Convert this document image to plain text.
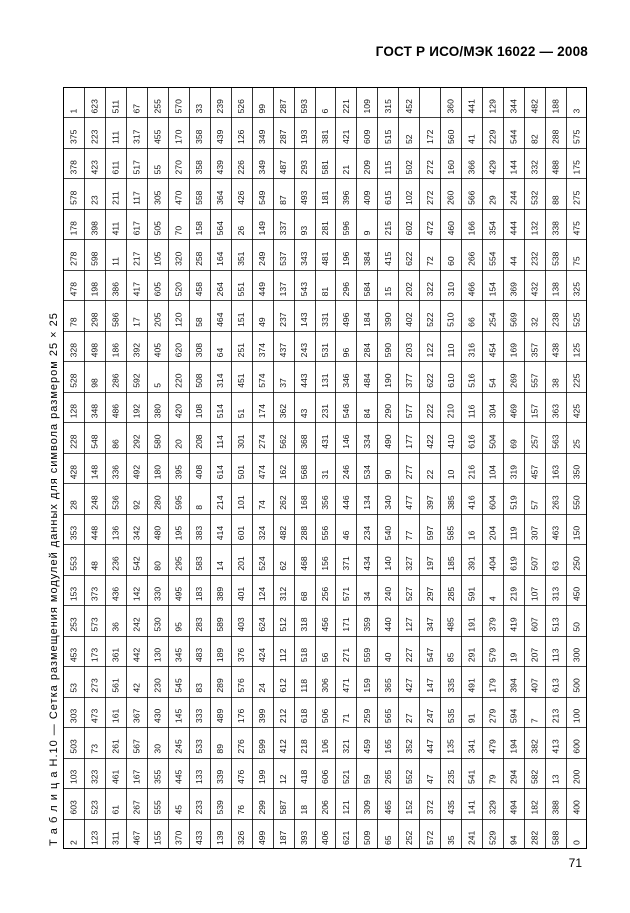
ГОСТ Р ИСО/МЭК 16022 — 2008
Т а б л и ц а Н.10 — Сетка размещения модулей данных для символа размером 25 × 25 2
603
103
503
303
53
453
253
153
553
353
28
428
228
128
528
328
78
478
278
178
578
378
375
1
123
523
323
73
473
273
173
573
373
48
448
248
148
548
348
98
498
298
198
598
398
23
423
223
623
311
61
461
261
161
561
361
36
436
236
136
536
336
86
486
286
186
586
386
11
411
211
611
111
511
467
267
167
567
367
42
442
242
142
542
342
92
492
292
192
592
392
17
417
217
617
117
517
317
67
155
555
355
30
430
230
130
530
330
80
480
280
180
580
380
5
405
205
605
105
505
305
55
455
255
370
45
445
245
145
545
345
95
495
295
195
595
395
20
420
220
620
120
520
320
70
470
270
170
570
433
233
133
533
333
83
483
283
183
583
383
8
408
208
108
508
308
58
458
258
158
558
358
358
33
139
539
339
89
489
289
189
589
389
14
414
214
614
114
514
314
64
464
264
164
564
364
439
439
239
326
76
476
276
176
576
376
403
401
201
601
101
501
301
51
451
251
151
551
351
26
426
226
126
526
499
299
199
599
399
24
424
624
124
524
324
74
474
274
174
574
374
49
449
249
149
549
349
349
99
187
587
12
412
212
612
112
512
312
62
482
262
162
562
362
37
437
237
137
537
337
87
487
287
287
393
18
418
218
618
118
518
318
68
468
288
168
568
368
43
443
243
143
543
343
93
493
293
193
593
406
206
606
106
506
306
56
456
256
156
556
356
31
431
231
131
531
331
81
481
281
181
581
381
6
621
121
521
321
71
471
271
171
571
371
46
446
246
146
546
346
96
496
296
196
596
396
21
421
221
509
309
59
459
259
159
559
359
34
434
234
134
534
334
84
484
284
184
584
384
9
409
209
609
109
65
465
265
165
565
365
40
440
240
140
540
340
90
490
290
190
590
390
15
415
215
615
115
515
315
252
152
552
352
27
427
227
127
527
327
77
477
277
177
577
377
203
402
202
622
602
102
502
52
452
572
372
47
447
247
147
547
347
297
197
597
397
22
422
222
622
122
522
322
72
472
272
272
172
35
435
235
135
535
335
85
485
285
185
585
385
10
410
210
610
110
510
310
60
460
260
160
560
360
241
141
541
341
91
491
291
191
591
391
16
416
216
616
116
516
316
66
466
266
166
566
366
41
441
529
329
79
479
279
179
579
379
4
404
204
604
104
504
304
54
454
254
154
554
354
29
429
229
129
94
494
294
194
594
394
19
419
219
619
119
519
319
69
469
269
169
569
369
44
444
244
144
544
344
282
182
582
382
7
407
207
607
107
507
307
57
457
257
157
557
357
32
432
232
132
532
332
82
482
588
388
13
413
213
613
113
513
313
63
463
263
163
563
363
38
438
238
138
538
338
88
488
288
188
0
400
200
600
100
500
300
50
450
250
150
550
350
25
425
225
125
525
325
75
475
275
175
575
3
71
